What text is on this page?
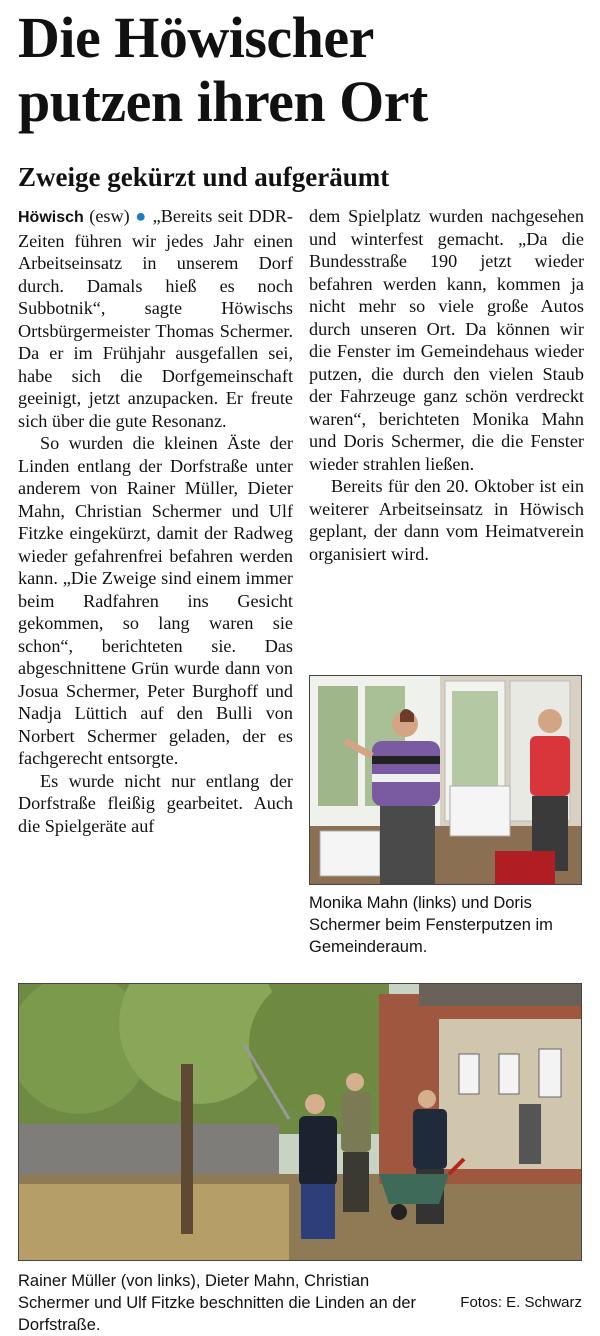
Die Höwischer
putzen ihren Ort
Zweige gekürzt und aufgeräumt

Höwisch (esw) ● „Bereits seit DDR-Zeiten führen wir jedes Jahr einen Arbeitseinsatz in unserem Dorf durch. Damals hieß es noch Subbotnik“, sagte Höwischs Ortsbürgermeister Thomas Schermer. Da er im Frühjahr ausgefallen sei, habe sich die Dorfgemeinschaft geeinigt, jetzt anzupacken. Er freute sich über die gute Resonanz.

So wurden die kleinen Äste der Linden entlang der Dorfstraße unter anderem von Rainer Müller, Dieter Mahn, Christian Schermer und Ulf Fitzke eingekürzt, damit der Radweg wieder gefahrenfrei befahren werden kann. „Die Zweige sind einem immer beim Radfahren ins Gesicht gekommen, so lang waren sie schon“, berichteten sie. Das abgeschnittene Grün wurde dann von Josua Schermer, Peter Burghoff und Nadja Lüttich auf den Bulli von Norbert Schermer geladen, der es fachgerecht entsorgte.

Es wurde nicht nur entlang der Dorfstraße fleißig gearbeitet. Auch die Spielgeräte auf

dem Spielplatz wurden nachgesehen und winterfest gemacht. „Da die Bundesstraße 190 jetzt wieder befahren werden kann, kommen ja nicht mehr so viele große Autos durch unseren Ort. Da können wir die Fenster im Gemeindehaus wieder putzen, die durch den vielen Staub der Fahrzeuge ganz schön verdreckt waren“, berichteten Monika Mahn und Doris Schermer, die die Fenster wieder strahlen ließen.

Bereits für den 20. Oktober ist ein weiterer Arbeitseinsatz in Höwisch geplant, der dann vom Heimatverein organisiert wird.

Monika Mahn (links) und Doris Schermer beim Fensterputzen im Gemeinderaum.

Rainer Müller (von links), Dieter Mahn, Christian Schermer und Ulf Fitzke beschnitten die Linden an der Dorfstraße.

Fotos: E. Schwarz
